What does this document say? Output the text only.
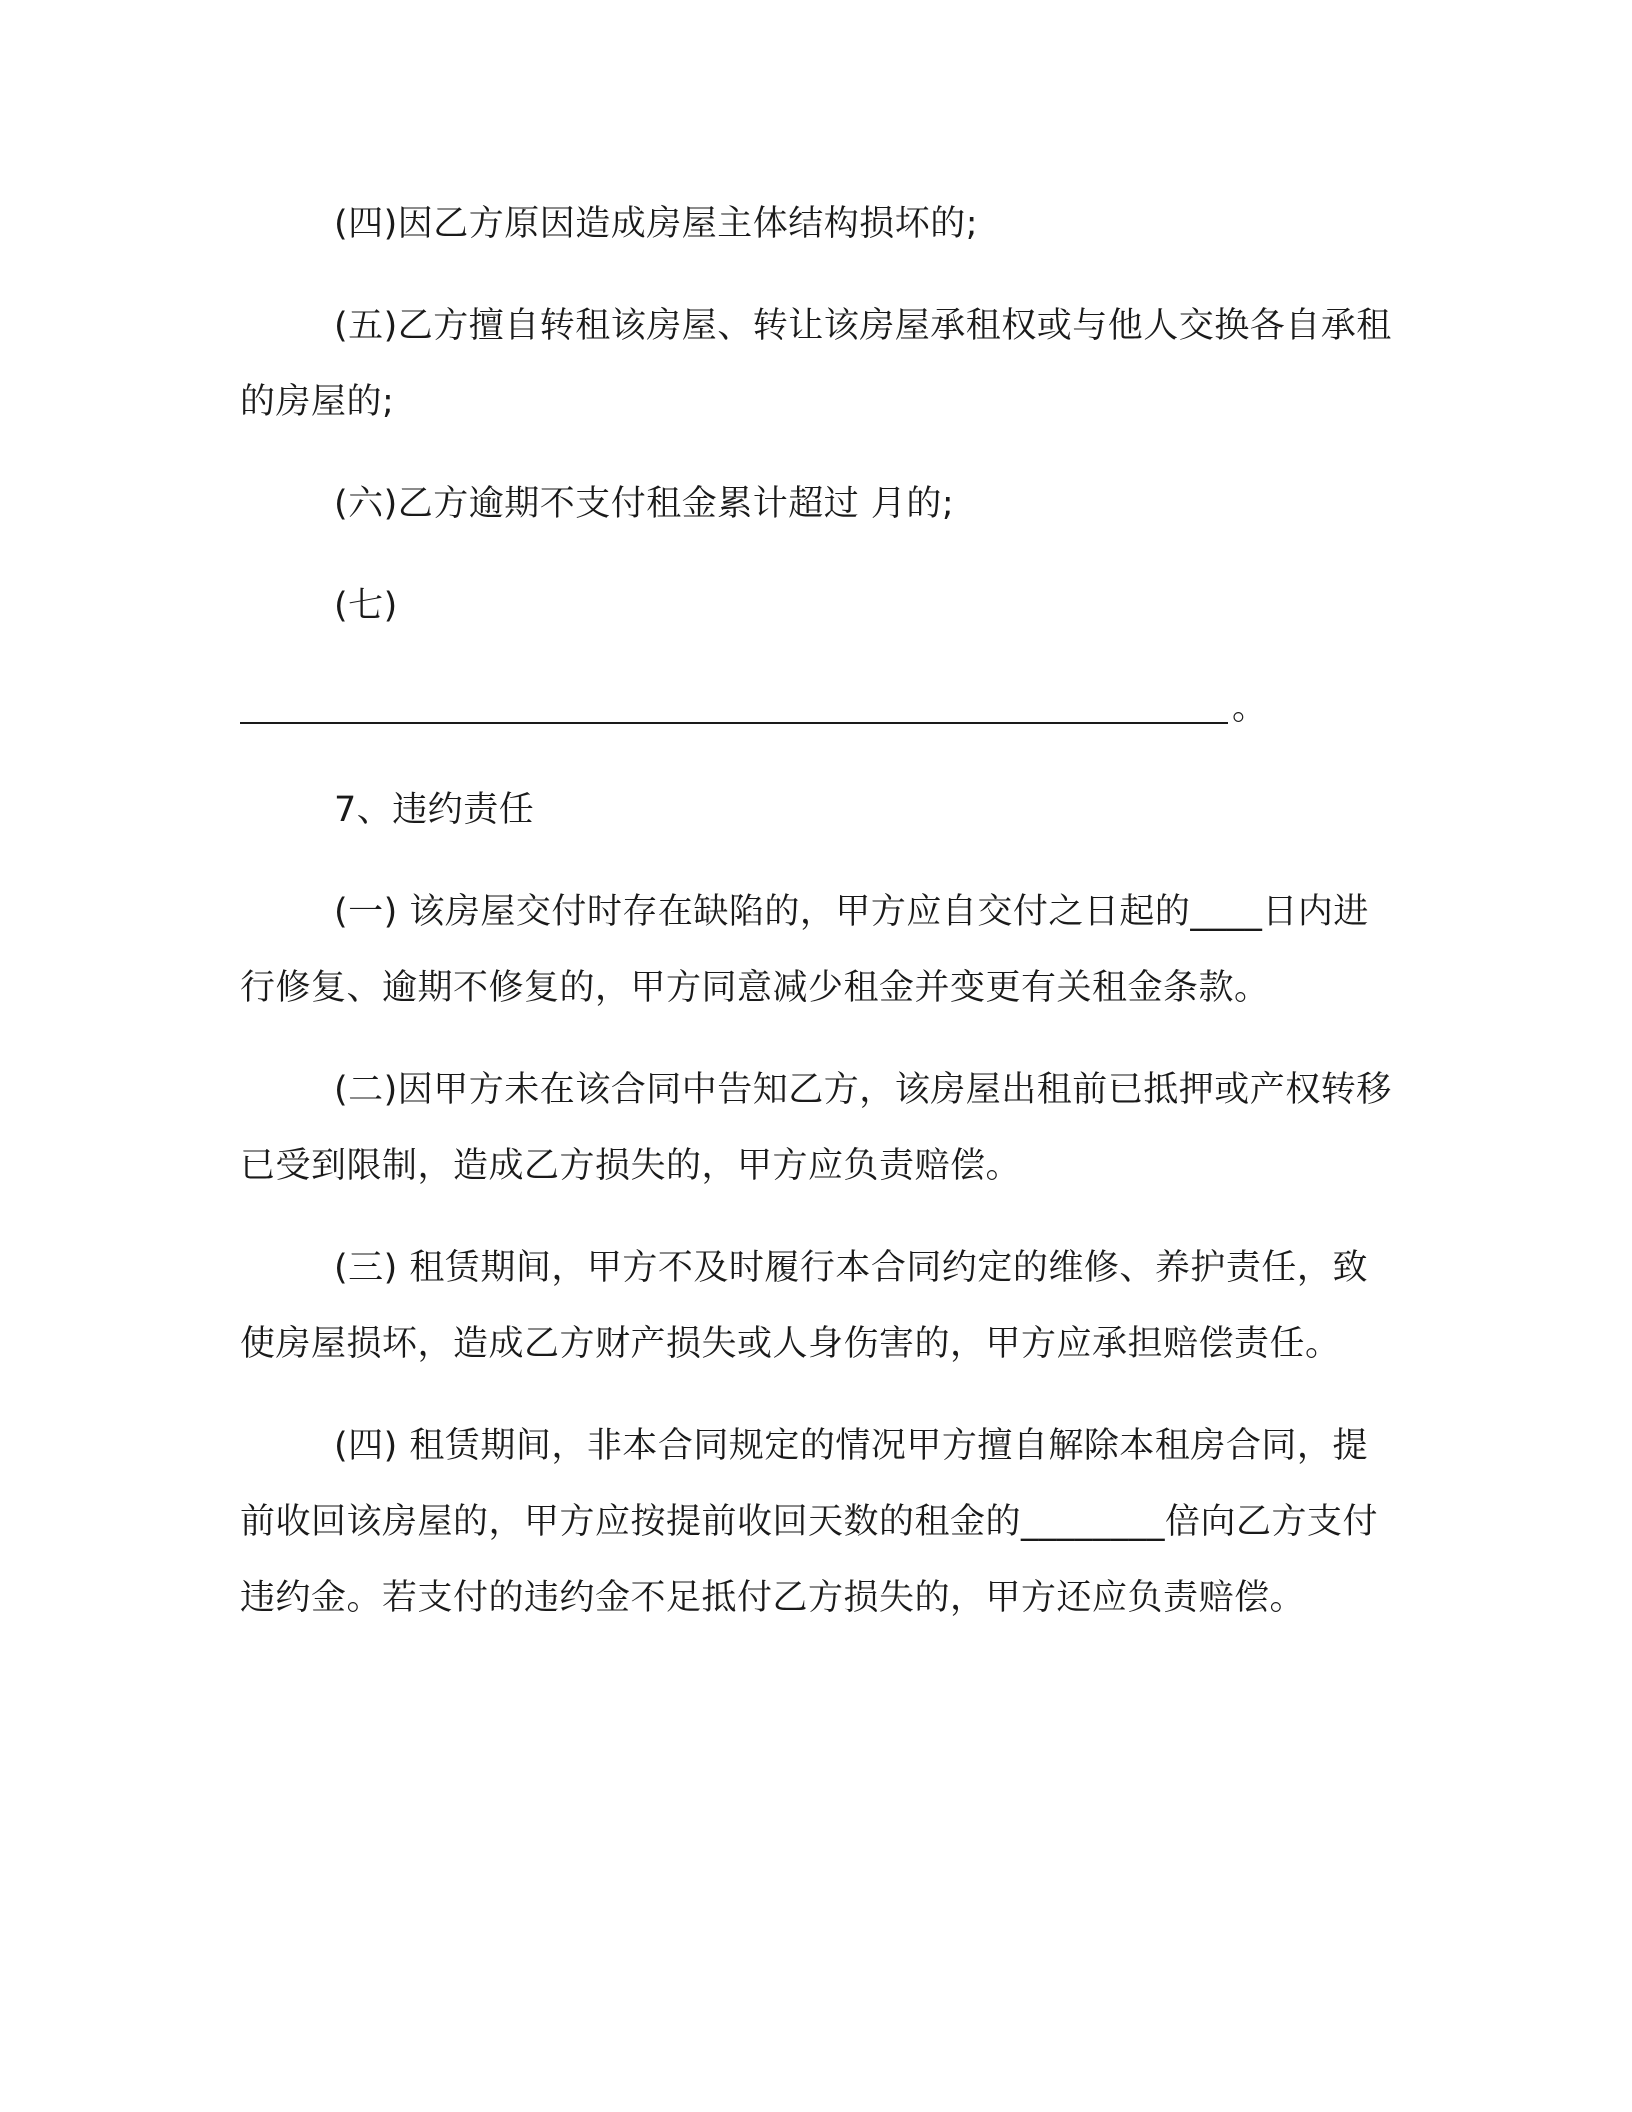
(四)因乙方原因造成房屋主体结构损坏的;

(五)乙方擅自转租该房屋、转让该房屋承租权或与他人交换各自承租的房屋的;

(六)乙方逾期不支付租金累计超过 月的;

(七)

。

7、违约责任

(一) 该房屋交付时存在缺陷的，甲方应自交付之日起的____日内进行修复、逾期不修复的，甲方同意减少租金并变更有关租金条款。

(二)因甲方未在该合同中告知乙方，该房屋出租前已抵押或产权转移已受到限制，造成乙方损失的，甲方应负责赔偿。

(三) 租赁期间，甲方不及时履行本合同约定的维修、养护责任，致使房屋损坏，造成乙方财产损失或人身伤害的，甲方应承担赔偿责任。

(四) 租赁期间，非本合同规定的情况甲方擅自解除本租房合同，提前收回该房屋的，甲方应按提前收回天数的租金的________倍向乙方支付违约金。若支付的违约金不足抵付乙方损失的，甲方还应负责赔偿。
